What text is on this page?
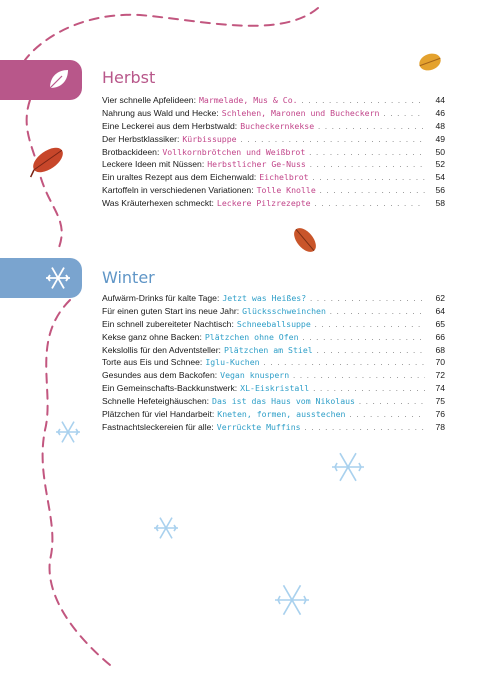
Herbst
Vier schnelle Apfelideen: Marmelade, Mus & Co. . . .	44
Nahrung aus Wald und Hecke: Schlehen, Maronen und Bucheckern . . .	46
Eine Leckerei aus dem Herbstwald: Bucheckernkekse . . .	48
Der Herbstklassiker: Kürbissuppe . . .	49
Brotbackideen: Vollkornbrötchen und Weißbrot . . .	50
Leckere Ideen mit Nüssen: Herbstlicher Ge-Nuss . . .	52
Ein uraltes Rezept aus dem Eichenwald: Eichelbrot . . .	54
Kartoffeln in verschiedenen Variationen: Tolle Knolle . . .	56
Was Kräuterhexen schmeckt: Leckere Pilzrezepte . . .	58
Winter
Aufwärm-Drinks für kalte Tage: Jetzt was Heißes? . . .	62
Für einen guten Start ins neue Jahr: Glücksschweinchen . . .	64
Ein schnell zubereiteter Nachtisch: Schneeballsuppe . . .	65
Kekse ganz ohne Backen: Plätzchen ohne Ofen . . .	66
Kekslollis für den Adventsteller: Plätzchen am Stiel . . .	68
Torte aus Eis und Schnee: Iglu-Kuchen . . .	70
Gesundes aus dem Backofen: Vegan knuspern . . .	72
Ein Gemeinschafts-Backkunstwerk: XL-Eiskristall . . .	74
Schnelle Hefeteighäuschen: Das ist das Haus vom Nikolaus . . .	75
Plätzchen für viel Handarbeit: Kneten, formen, ausstechen . . .	76
Fastnachtsleckereien für alle: Verrückte Muffins . . .	78
